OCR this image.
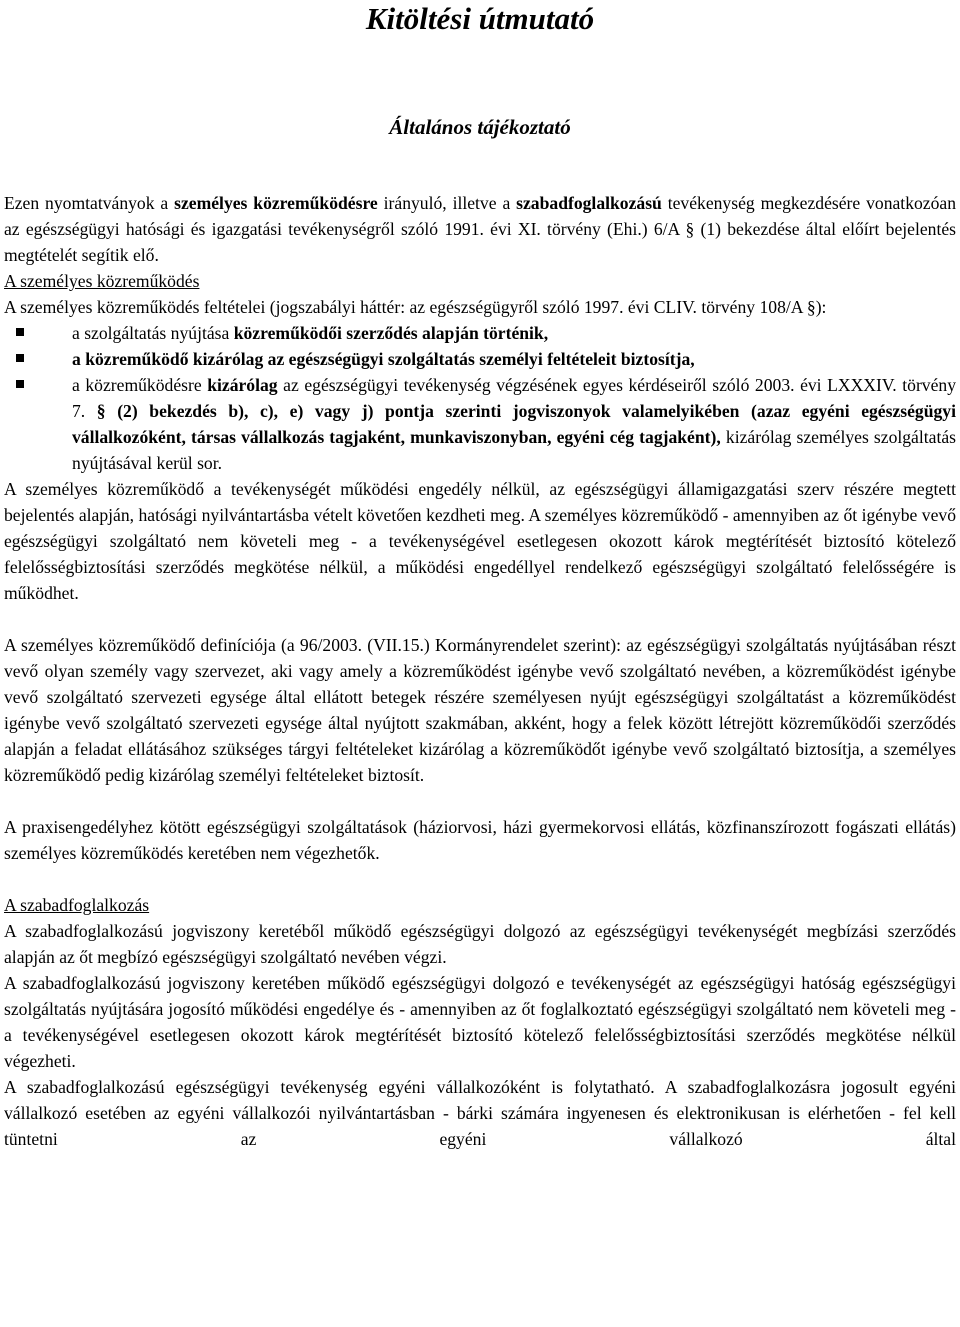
Kitöltési útmutató
Általános tájékoztató

Ezen nyomtatványok a személyes közreműködésre irányuló, illetve a szabadfoglalkozású tevékenység megkezdésére vonatkozóan az egészségügyi hatósági és igazgatási tevékenységről szóló 1991. évi XI. törvény (Ehi.) 6/A § (1) bekezdése által előírt bejelentés megtételét segítik elő.

A személyes közreműködés

A személyes közreműködés feltételei (jogszabályi háttér: az egészségügyről szóló 1997. évi CLIV. törvény 108/A §):

a szolgáltatás nyújtása közreműködői szerződés alapján történik,
a közreműködő kizárólag az egészségügyi szolgáltatás személyi feltételeit biztosítja,
a közreműködésre kizárólag az egészségügyi tevékenység végzésének egyes kérdéseiről szóló 2003. évi LXXXIV. törvény 7. § (2) bekezdés b), c), e) vagy j) pontja szerinti jogviszonyok valamelyikében (azaz egyéni egészségügyi vállalkozóként, társas vállalkozás tagjaként, munkaviszonyban, egyéni cég tagjaként), kizárólag személyes szolgáltatás nyújtásával kerül sor.

A személyes közreműködő a tevékenységét működési engedély nélkül, az egészségügyi államigazgatási szerv részére megtett bejelentés alapján, hatósági nyilvántartásba vételt követően kezdheti meg. A személyes közreműködő - amennyiben az őt igénybe vevő egészségügyi szolgáltató nem követeli meg - a tevékenységével esetlegesen okozott károk megtérítését biztosító kötelező felelősségbiztosítási szerződés megkötése nélkül, a működési engedéllyel rendelkező egészségügyi szolgáltató felelősségére is működhet.

A személyes közreműködő definíciója (a 96/2003. (VII.15.) Kormányrendelet szerint): az egészségügyi szolgáltatás nyújtásában részt vevő olyan személy vagy szervezet, aki vagy amely a közreműködést igénybe vevő szolgáltató nevében, a közreműködést igénybe vevő szolgáltató szervezeti egysége által ellátott betegek részére személyesen nyújt egészségügyi szolgáltatást a közreműködést igénybe vevő szolgáltató szervezeti egysége által nyújtott szakmában, akként, hogy a felek között létrejött közreműködői szerződés alapján a feladat ellátásához szükséges tárgyi feltételeket kizárólag a közreműködőt igénybe vevő szolgáltató biztosítja, a személyes közreműködő pedig kizárólag személyi feltételeket biztosít.

A praxisengedélyhez kötött egészségügyi szolgáltatások (háziorvosi, házi gyermekorvosi ellátás, közfinanszírozott fogászati ellátás) személyes közreműködés keretében nem végezhetők.

A szabadfoglalkozás

A szabadfoglalkozású jogviszony keretéből működő egészségügyi dolgozó az egészségügyi tevékenységét megbízási szerződés alapján az őt megbízó egészségügyi szolgáltató nevében végzi.

A szabadfoglalkozású jogviszony keretében működő egészségügyi dolgozó e tevékenységét az egészségügyi hatóság egészségügyi szolgáltatás nyújtására jogosító működési engedélye és - amennyiben az őt foglalkoztató egészségügyi szolgáltató nem követeli meg - a tevékenységével esetlegesen okozott károk megtérítését biztosító kötelező felelősségbiztosítási szerződés megkötése nélkül végezheti.

A szabadfoglalkozású egészségügyi tevékenység egyéni vállalkozóként is folytatható. A szabadfoglalkozásra jogosult egyéni vállalkozó esetében az egyéni vállalkozói nyilvántartásban - bárki számára ingyenesen és elektronikusan is elérhetően - fel kell tüntetni az egyéni vállalkozó által
